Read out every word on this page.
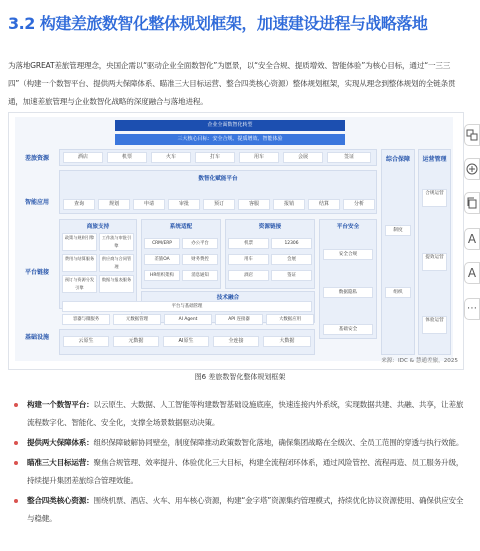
3.2 构建差旅数智化整体规划框架，加速建设进程与战略落地
为落地GREAT差旅管理理念，央国企需以“驱动企业全面数智化”为愿景，以“安全合规、提质增效、智能体验”为核心目标，通过“一三三四”（构建一个数智平台、提供两大保障体系、瞄准三大目标运营、整合四类核心资源）整体规划框架，实现从理念到整体规划的全链条贯通，加速差旅管理与企业数智化战略的深度融合与落地进程。
企业全面数智化转型
三大核心目标：安全合规、提质增效、智能体验
差旅资源
智能应用
平台链接
基础设施
酒店	机票	火车	打车	用车	会展	签证
数智化赋能平台
查询	规划	申请	审批	预订	客服	报销	结算	分析
商旅支持
政策与规则引擎	工作流与审批引擎
费用与结算服务	供应商与合同管理
预订与资源分发引擎
数据与报表服务
系统适配
CRM/ERP	办公平台
差旅OA	财务费控
HR组织架构	消息通知
资源链接
机票	12306
用车	会展
酒店	签证
技术融合
平台与基础管理
容器与微服务	元数据管理	AI Agent	API 连接器	大数据应用
平台安全
安全合规
数据隐私
基础安全
云原生	元数据	AI原生	全连接	大数据
综合保障
制度
组织
运营管理
合规运营
提效运营
体验运营
来源：IDC & 慧通差旅，2025
图6 差旅数智化整体规划框架
构建一个数智平台：以云原生、大数据、人工智能等构建数智基础设施底座，快速连接内外系统，实现数据共建、共融、共享，让差旅流程数字化、智能化、安全化，支撑全场景数据驱动决策。
提供两大保障体系：组织保障破解协同壁垒，制度保障推动政策数智化落地，确保集团战略在全级次、全员工范围的穿透与执行效能。
瞄准三大目标运营：聚焦合规管理、效率提升、体验优化三大目标，构建全流程闭环体系，通过风险管控、流程再造、员工服务升级，持续提升集团差旅综合管理效能。
整合四类核心资源：围绕机票、酒店、火车、用车核心资源，构建“金字塔”资源集约管理模式，持续优化协议资源使用、确保供应安全与稳健。
A
A
⋯
